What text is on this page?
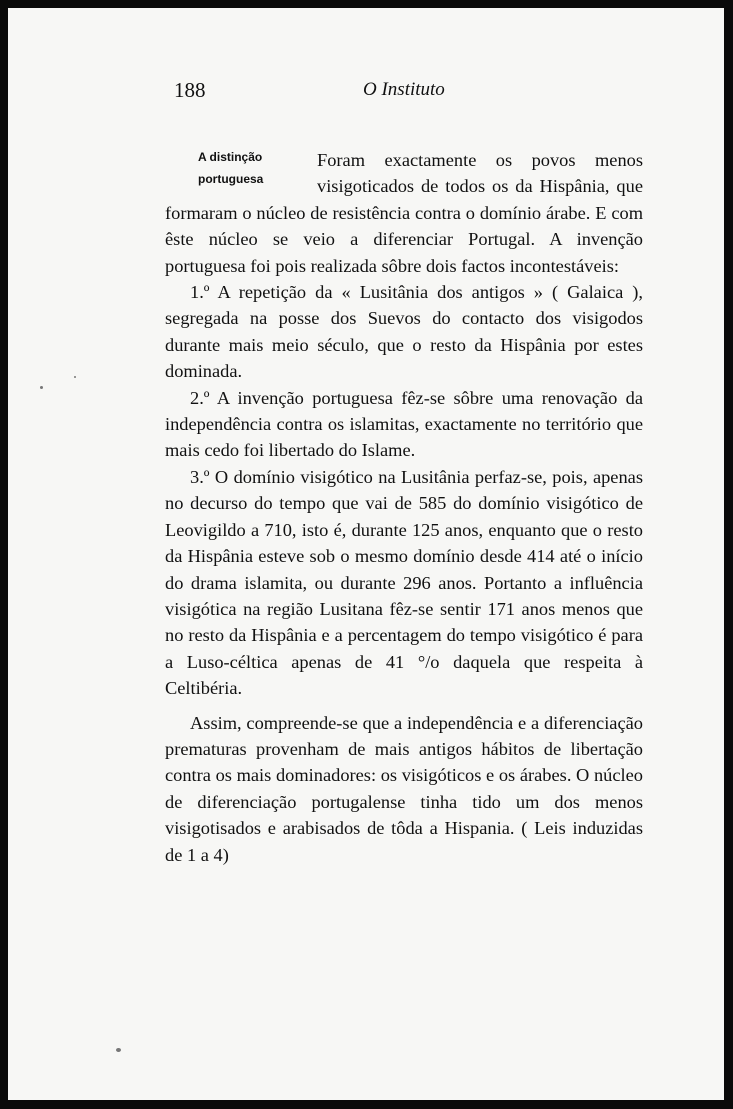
188	O Instituto
A distinção
portuguesa

Foram exactamente os povos menos visigoticados de todos os da Hispânia, que formaram o núcleo de resistência contra o domínio árabe. E com êste núcleo se veio a diferenciar Portugal. A invenção portuguesa foi pois realizada sôbre dois factos incontestáveis:

1.º A repetição da « Lusitânia dos antigos » ( Galaica ), segregada na posse dos Suevos do contacto dos visigodos durante mais meio século, que o resto da Hispânia por estes dominada.

2.º A invenção portuguesa fêz-se sôbre uma renovação da independência contra os islamitas, exactamente no território que mais cedo foi libertado do Islame.

3.º O domínio visigótico na Lusitânia perfaz-se, pois, apenas no decurso do tempo que vai de 585 do domínio visigótico de Leovigildo a 710, isto é, durante 125 anos, enquanto que o resto da Hispânia esteve sob o mesmo domínio desde 414 até o início do drama islamita, ou durante 296 anos. Portanto a influência visigótica na região Lusitana fêz-se sentir 171 anos menos que no resto da Hispânia e a percentagem do tempo visigótico é para a Luso-céltica apenas de 41 °/o daquela que respeita à Celtibéria.

Assim, compreende-se que a independência e a diferenciação prematuras provenham de mais antigos hábitos de libertação contra os mais dominadores: os visigóticos e os árabes. O núcleo de diferenciação portugalense tinha tido um dos menos visigotisados e arabisados de tôda a Hispania. ( Leis induzidas de 1 a 4)
